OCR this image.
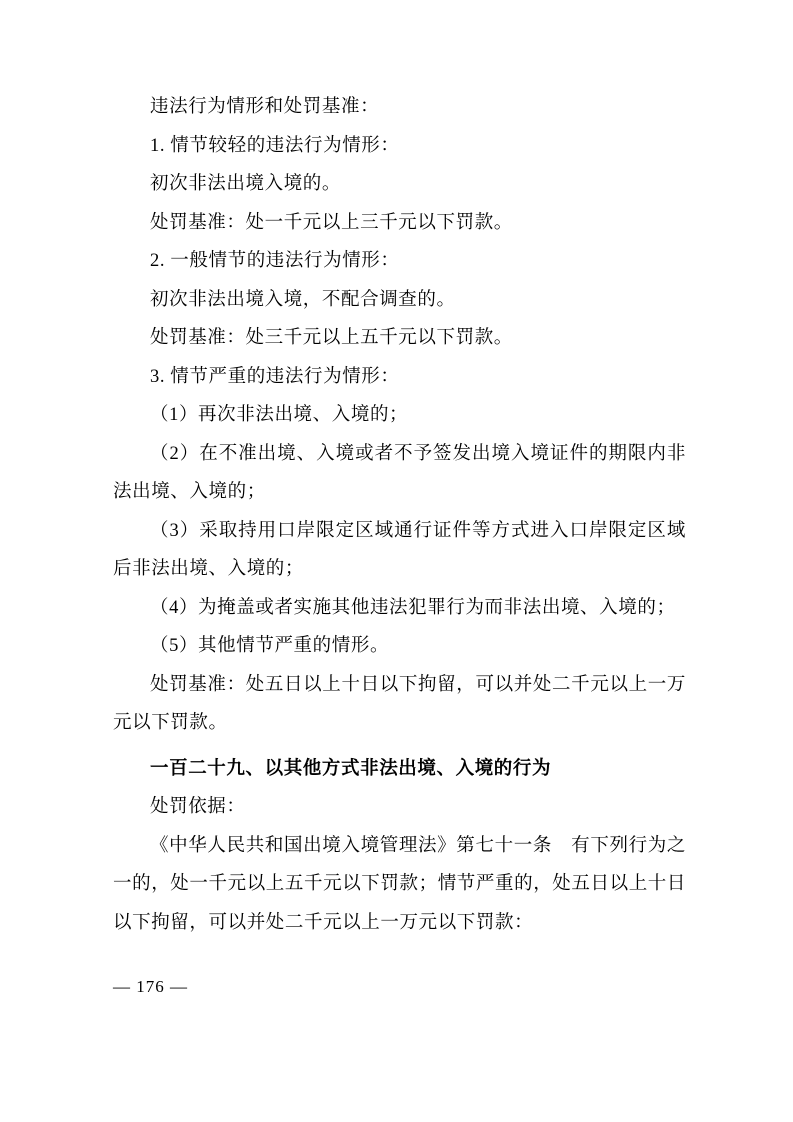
违法行为情形和处罚基准：

1. 情节较轻的违法行为情形：

初次非法出境入境的。

处罚基准：处一千元以上三千元以下罚款。

2. 一般情节的违法行为情形：

初次非法出境入境，不配合调查的。

处罚基准：处三千元以上五千元以下罚款。

3. 情节严重的违法行为情形：

（1）再次非法出境、入境的；

（2）在不准出境、入境或者不予签发出境入境证件的期限内非法出境、入境的；

（3）采取持用口岸限定区域通行证件等方式进入口岸限定区域后非法出境、入境的；

（4）为掩盖或者实施其他违法犯罪行为而非法出境、入境的；

（5）其他情节严重的情形。

处罚基准：处五日以上十日以下拘留，可以并处二千元以上一万元以下罚款。

一百二十九、以其他方式非法出境、入境的行为

处罚依据：

《中华人民共和国出境入境管理法》第七十一条　有下列行为之一的，处一千元以上五千元以下罚款；情节严重的，处五日以上十日以下拘留，可以并处二千元以上一万元以下罚款：

— 176 —
